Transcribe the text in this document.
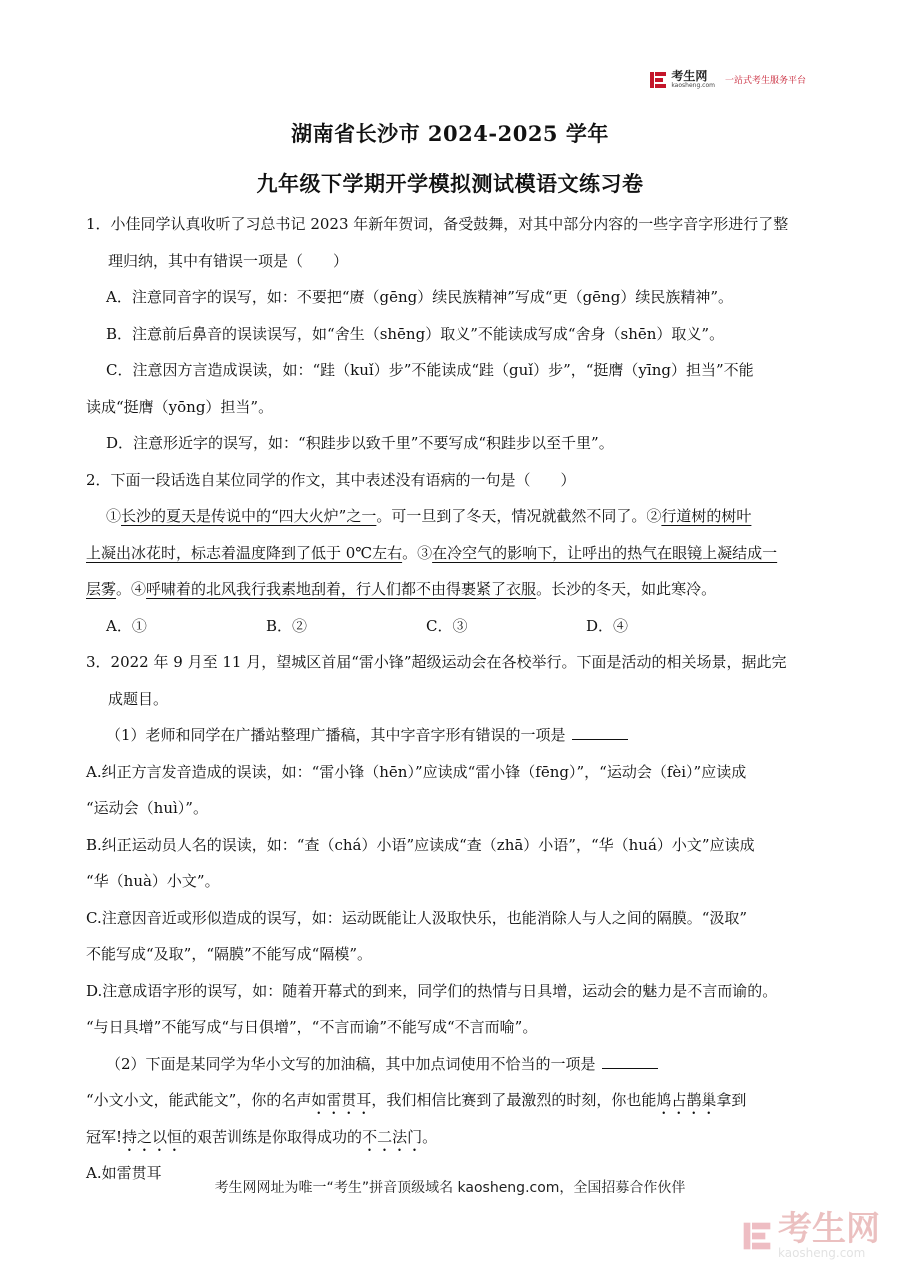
考生网
kaosheng.com 一站式考生服务平台
湖南省长沙市 2024-2025 学年
九年级下学期开学模拟测试模语文练习卷

1．小佳同学认真收听了习总书记 2023 年新年贺词，备受鼓舞，对其中部分内容的一些字音字形进行了整

理归纳，其中有错误一项是（　　）

A．注意同音字的误写，如：不要把“赓（gēng）续民族精神”写成“更（gēng）续民族精神”。

B．注意前后鼻音的误读误写，如“舍生（shēng）取义”不能读成写成“舍身（shēn）取义”。

C．注意因方言造成误读，如：“跬（kuǐ）步”不能读成“跬（guǐ）步”，“挺膺（yīng）担当”不能

读成“挺膺（yōng）担当”。

D．注意形近字的误写，如：“积跬步以致千里”不要写成“积跬步以至千里”。

2．下面一段话选自某位同学的作文，其中表述没有语病的一句是（　　）

①长沙的夏天是传说中的“四大火炉”之一。可一旦到了冬天，情况就截然不同了。②行道树的树叶

上凝出冰花时，标志着温度降到了低于 0℃左右。③在冷空气的影响下，让呼出的热气在眼镜上凝结成一

层雾。④呼啸着的北风我行我素地刮着，行人们都不由得裹紧了衣服。长沙的冬天，如此寒冷。

A．①	B．②	C．③	D．④

3．2022 年 9 月至 11 月，望城区首届“雷小锋”超级运动会在各校举行。下面是活动的相关场景，据此完

成题目。

（1）老师和同学在广播站整理广播稿，其中字音字形有错误的一项是

A.纠正方言发音造成的误读，如：“雷小锋（hēn）”应读成“雷小锋（fēng）”，“运动会（fèi）”应读成

“运动会（huì）”。

B.纠正运动员人名的误读，如：“查（chá）小语”应读成“查（zhā）小语”，“华（huá）小文”应读成

“华（huà）小文”。

C.注意因音近或形似造成的误写，如：运动既能让人汲取快乐，也能消除人与人之间的隔膜。“汲取”

不能写成“及取”，“隔膜”不能写成“隔模”。

D.注意成语字形的误写，如：随着开幕式的到来，同学们的热情与日具增，运动会的魅力是不言而谕的。

“与日具增”不能写成“与日俱增”，“不言而谕”不能写成“不言而喻”。

（2）下面是某同学为华小文写的加油稿，其中加点词使用不恰当的一项是

“小文小文，能武能文”，你的名声如雷贯耳，我们相信比赛到了最激烈的时刻，你也能鸠占鹊巢拿到

冠军!持之以恒的艰苦训练是你取得成功的不二法门。

A.如雷贯耳

考生网网址为唯一“考生”拼音顶级域名 kaosheng.com，全国招募合作伙伴
考生网
kaosheng.com
